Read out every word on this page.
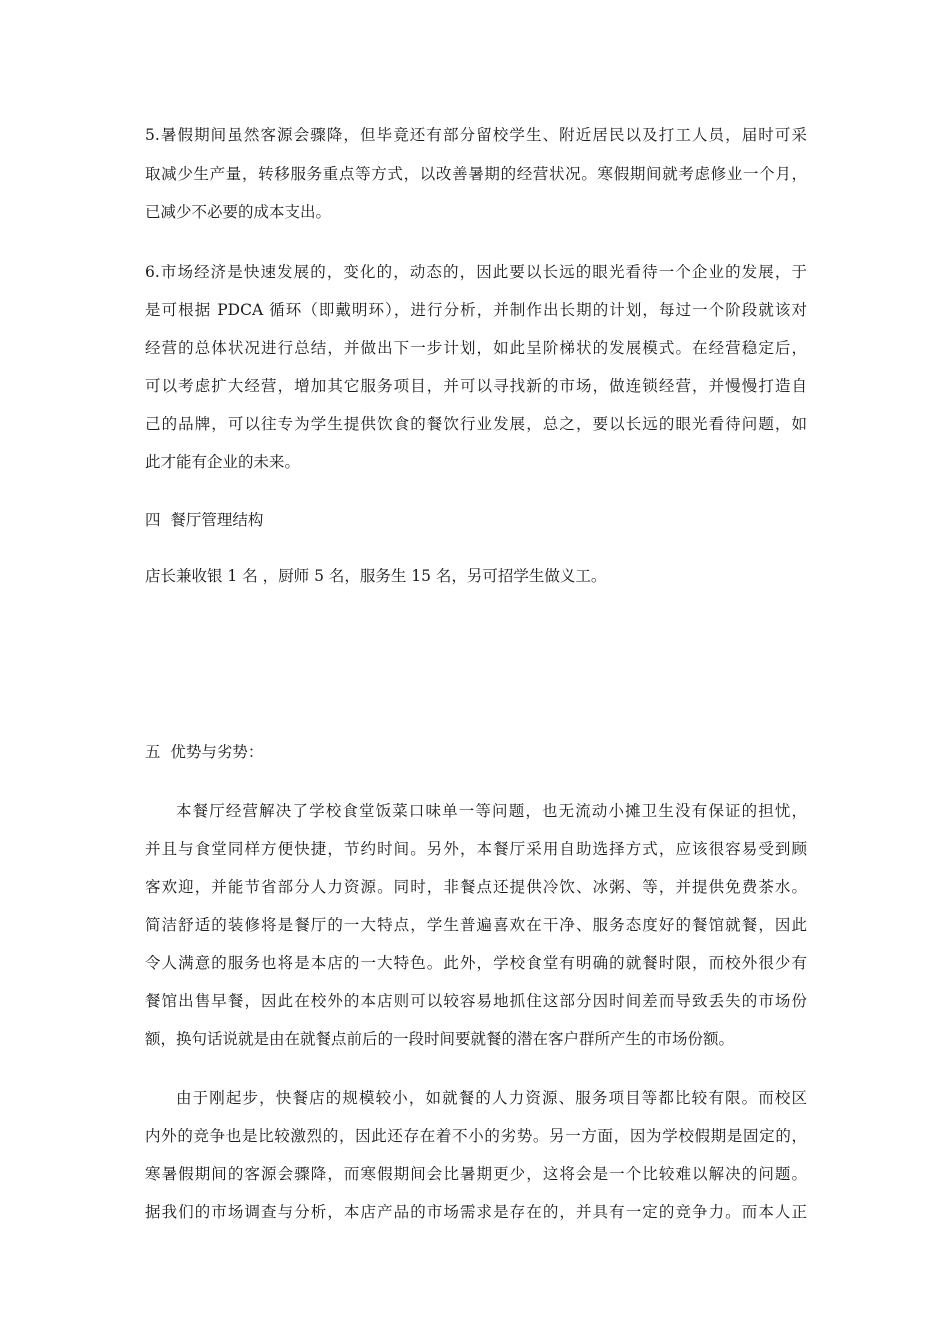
5.暑假期间虽然客源会骤降，但毕竟还有部分留校学生、附近居民以及打工人员，届时可采
取减少生产量，转移服务重点等方式，以改善暑期的经营状况。寒假期间就考虑修业一个月，
已减少不必要的成本支出。
6.市场经济是快速发展的，变化的，动态的，因此要以长远的眼光看待一个企业的发展，于
是可根据 PDCA 循环（即戴明环），进行分析，并制作出长期的计划，每过一个阶段就该对
经营的总体状况进行总结，并做出下一步计划，如此呈阶梯状的发展模式。在经营稳定后，
可以考虑扩大经营，增加其它服务项目，并可以寻找新的市场，做连锁经营，并慢慢打造自
己的品牌，可以往专为学生提供饮食的餐饮行业发展，总之，要以长远的眼光看待问题，如
此才能有企业的未来。
四  餐厅管理结构
店长兼收银 1 名 ，厨师 5 名，服务生 15 名，另可招学生做义工。
五  优势与劣势：
本餐厅经营解决了学校食堂饭菜口味单一等问题，也无流动小摊卫生没有保证的担忧，
并且与食堂同样方便快捷，节约时间。另外，本餐厅采用自助选择方式，应该很容易受到顾
客欢迎，并能节省部分人力资源。同时，非餐点还提供冷饮、冰粥、等，并提供免费茶水。
简洁舒适的装修将是餐厅的一大特点，学生普遍喜欢在干净、服务态度好的餐馆就餐，因此
令人满意的服务也将是本店的一大特色。此外，学校食堂有明确的就餐时限，而校外很少有
餐馆出售早餐，因此在校外的本店则可以较容易地抓住这部分因时间差而导致丢失的市场份
额，换句话说就是由在就餐点前后的一段时间要就餐的潜在客户群所产生的市场份额。
由于刚起步，快餐店的规模较小，如就餐的人力资源、服务项目等都比较有限。而校区
内外的竞争也是比较激烈的，因此还存在着不小的劣势。另一方面，因为学校假期是固定的，
寒暑假期间的客源会骤降，而寒假期间会比暑期更少，这将会是一个比较难以解决的问题。
据我们的市场调查与分析，本店产品的市场需求是存在的，并具有一定的竞争力。而本人正
